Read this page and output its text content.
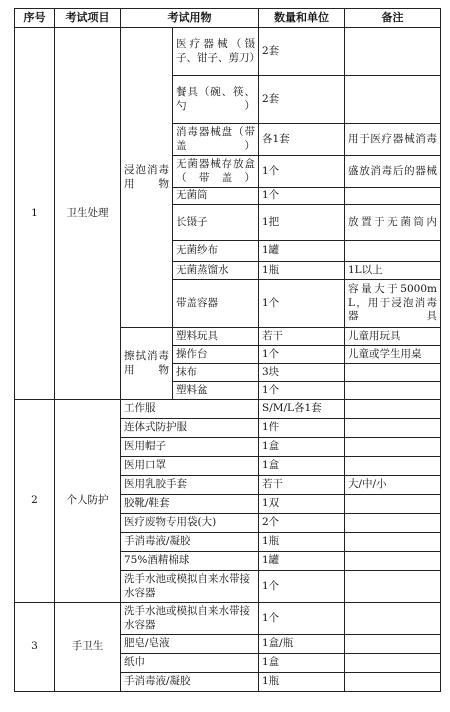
序号	考试项目	考试用物		数量和单位	备注
1	卫生处理	浸泡消毒用物	医疗器械（镊子、钳子、剪刀）	2套	
			餐具（碗、筷、勺）	2套	
			消毒器械盘（带盖）	各1套	用于医疗器械消毒
			无菌器械存放盒（带盖）	1个	盛放消毒后的器械
			无菌筒	1个	
			长镊子	1把	放置于无菌筒内
			无菌纱布	1罐	
			无菌蒸馏水	1瓶	1L以上
			带盖容器	1个	容量大于5000mL，用于浸泡消毒器具
		擦拭消毒用物	塑料玩具	若干	儿童用玩具
			操作台	1个	儿童或学生用桌
			抹布	3块	
			塑料盆	1个	
2	个人防护	工作服		S/M/L各1套	
		连体式防护服		1件	
		医用帽子		1盒	
		医用口罩		1盒	
		医用乳胶手套		若干	大/中/小
		胶靴/鞋套		1双	
		医疗废物专用袋(大)		2个	
		手消毒液/凝胶		1瓶	
		75%酒精棉球		1罐	
		洗手水池或模拟自来水带接水容器		1个	
3	手卫生	洗手水池或模拟自来水带接水容器		1个	
		肥皂/皂液		1盒/瓶	
		纸巾		1盒	
		手消毒液/凝胶		1瓶	
